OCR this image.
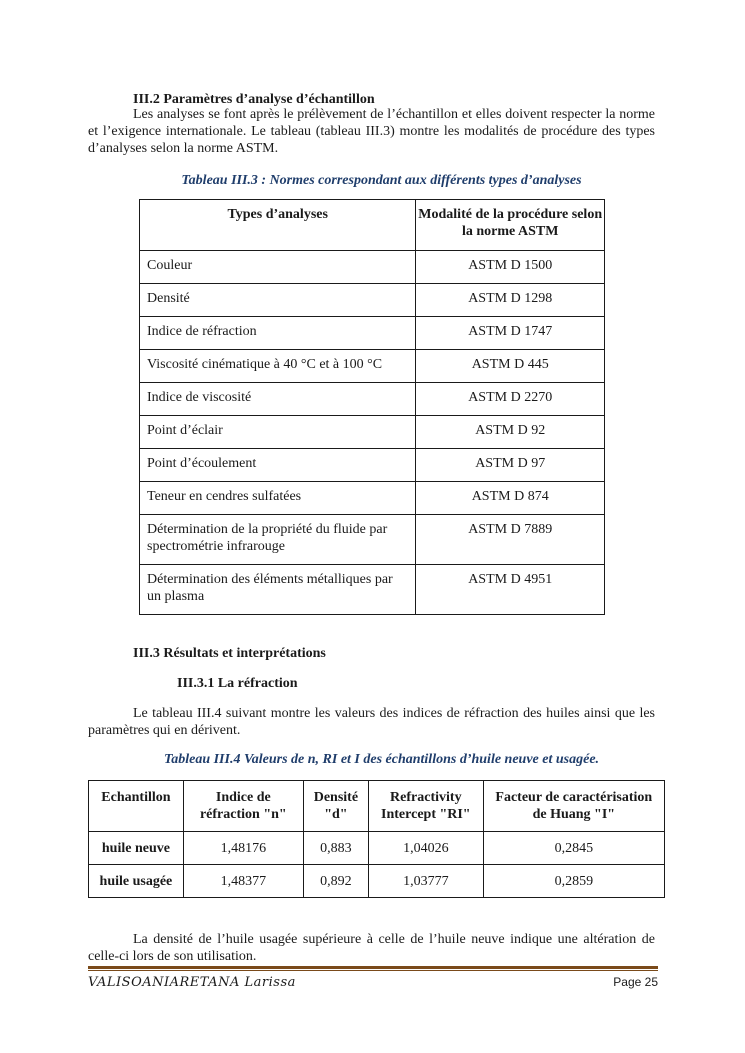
III.2 Paramètres d’analyse d’échantillon
Les analyses se font après le prélèvement de l’échantillon et elles doivent respecter la norme et l’exigence internationale. Le tableau (tableau III.3) montre les modalités de procédure des types d’analyses selon la norme ASTM.
Tableau III.3 : Normes correspondant aux différents types d’analyses
Types d’analyses	Modalité de la procédure selon la norme ASTM
Couleur	ASTM D 1500
Densité	ASTM D 1298
Indice de réfraction	ASTM D 1747
Viscosité cinématique à 40 °C et à 100 °C	ASTM D 445
Indice de viscosité	ASTM D 2270
Point d’éclair	ASTM D 92
Point d’écoulement	ASTM D 97
Teneur en cendres sulfatées	ASTM D 874
Détermination de la propriété du fluide par spectrométrie infrarouge	ASTM D 7889
Détermination des éléments métalliques par un plasma	ASTM D 4951
III.3 Résultats et interprétations
III.3.1 La réfraction
Le tableau III.4 suivant montre les valeurs des indices de réfraction des huiles ainsi que les paramètres qui en dérivent.
Tableau III.4 Valeurs de n, RI et I des échantillons d’huile neuve et usagée.
Echantillon	Indice de réfraction "n"	Densité "d"	Refractivity Intercept "RI"	Facteur de caractérisation de Huang "I"
huile neuve	1,48176	0,883	1,04026	0,2845
huile usagée	1,48377	0,892	1,03777	0,2859
La densité de l’huile usagée supérieure à celle de l’huile neuve indique une altération de celle-ci lors de son utilisation.
VALISOANIARETANA Larissa	Page 25
